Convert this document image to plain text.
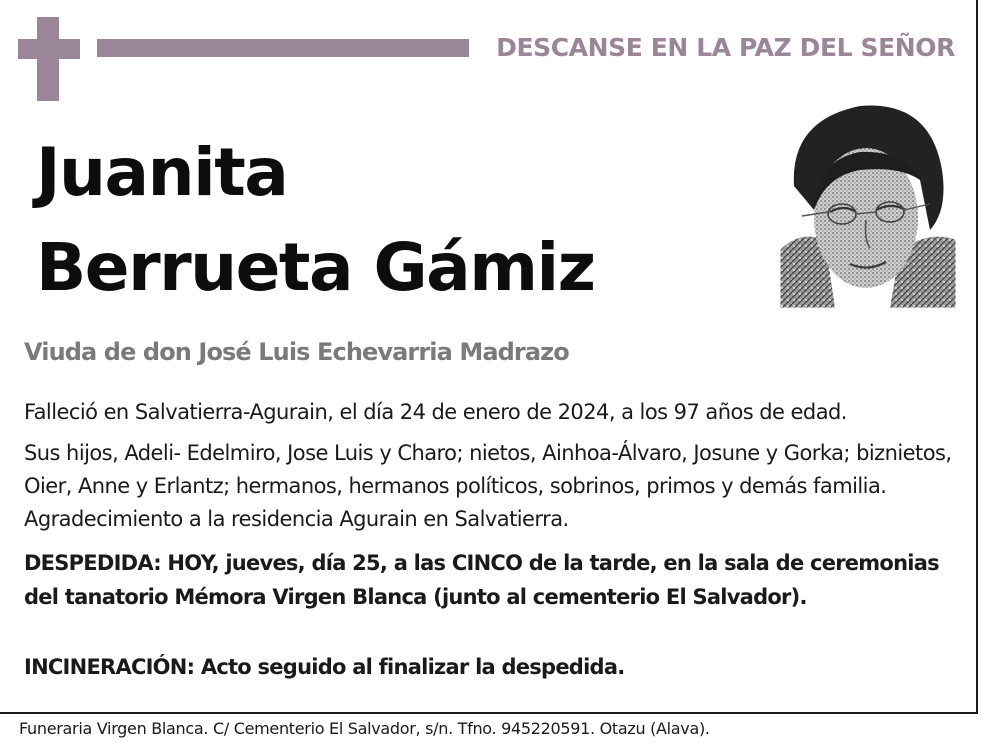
DESCANSE EN LA PAZ DEL SEÑOR
Juanita
Berrueta Gámiz
Viuda de don José Luis Echevarria Madrazo
Falleció en Salvatierra-Agurain, el día 24 de enero de 2024, a los 97 años de edad.
Sus hijos, Adeli- Edelmiro, Jose Luis y Charo; nietos, Ainhoa-Álvaro, Josune y Gorka; biznietos, Oier, Anne y Erlantz; hermanos, hermanos políticos, sobrinos, primos y demás familia. Agradecimiento a la residencia Agurain en Salvatierra.
DESPEDIDA: HOY, jueves, día 25, a las CINCO de la tarde, en la sala de ceremonias del tanatorio Mémora Virgen Blanca (junto al cementerio El Salvador).
INCINERACIÓN: Acto seguido al finalizar la despedida.
Funeraria Virgen Blanca. C/ Cementerio El Salvador, s/n. Tfno. 945220591. Otazu (Alava).
